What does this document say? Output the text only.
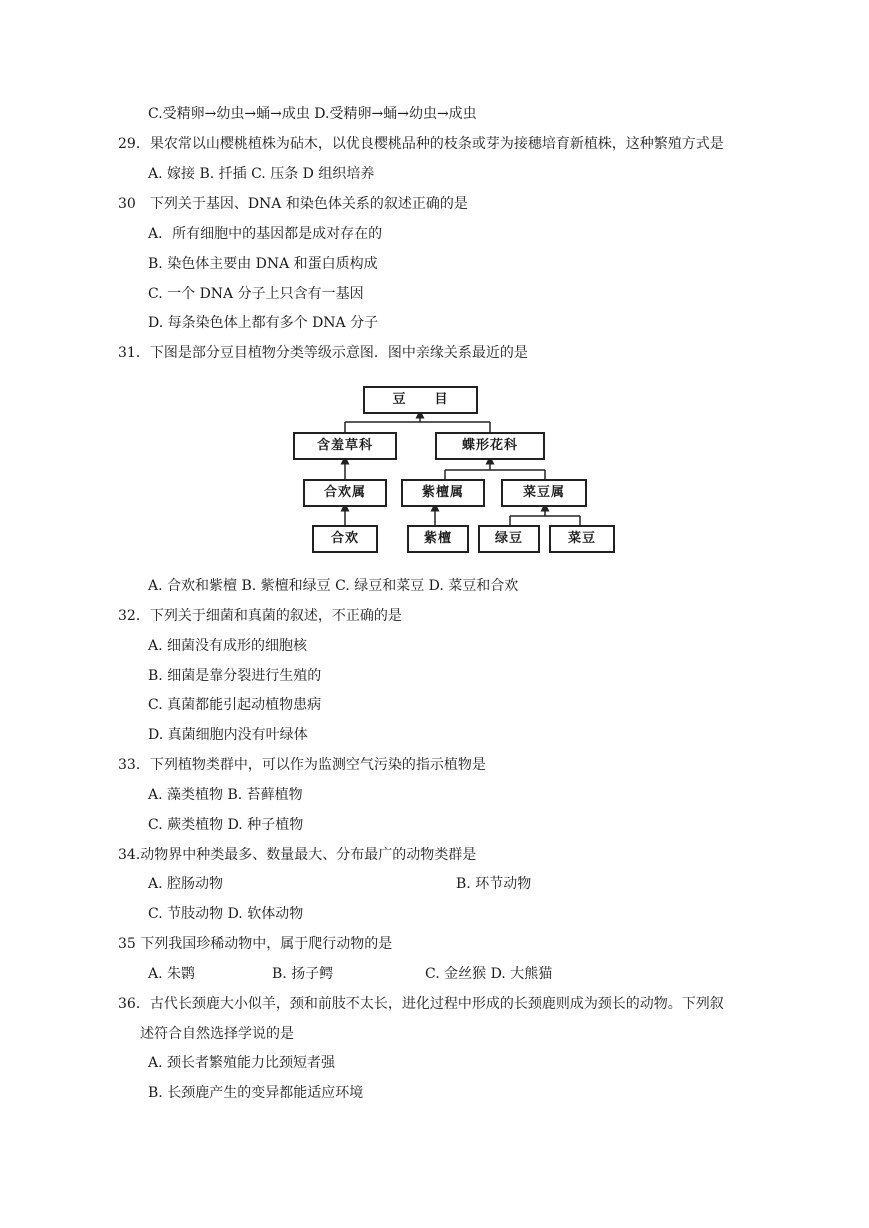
C.受精卵→幼虫→蛹→成虫 D.受精卵→蛹→幼虫→成虫
29．果农常以山樱桃植株为砧木，以优良樱桃品种的枝条或芽为接穗培育新植株，这种繁殖方式是
A. 嫁接 B. 扦插 C. 压条 D 组织培养
30　下列关于基因、DNA 和染色体关系的叙述正确的是
A．所有细胞中的基因都是成对存在的
B. 染色体主要由 DNA 和蛋白质构成
C. 一个 DNA 分子上只含有一基因
D. 每条染色体上都有多个 DNA 分子
31．下图是部分豆目植物分类等级示意图．图中亲缘关系最近的是
豆　　目
含羞草科	蝶形花科
合欢属	紫檀属	菜豆属
合欢	紫檀	绿豆	菜豆
A. 合欢和紫檀 B. 紫檀和绿豆 C. 绿豆和菜豆 D. 菜豆和合欢
32．下列关于细菌和真菌的叙述，不正确的是
A. 细菌没有成形的细胞核
B. 细菌是靠分裂进行生殖的
C. 真菌都能引起动植物患病
D. 真菌细胞内没有叶绿体
33．下列植物类群中，可以作为监测空气污染的指示植物是
A. 藻类植物 B. 苔藓植物
C. 蕨类植物 D. 种子植物
34.动物界中种类最多、数量最大、分布最广的动物类群是
A. 腔肠动物	B. 环节动物
C. 节肢动物 D. 软体动物
35 下列我国珍稀动物中，属于爬行动物的是
A. 朱鹮	B. 扬子鳄	C. 金丝猴 D. 大熊猫
36．古代长颈鹿大小似羊，颈和前肢不太长，进化过程中形成的长颈鹿则成为颈长的动物。下列叙
述符合自然选择学说的是
A. 颈长者繁殖能力比颈短者强
B. 长颈鹿产生的变异都能适应环境
